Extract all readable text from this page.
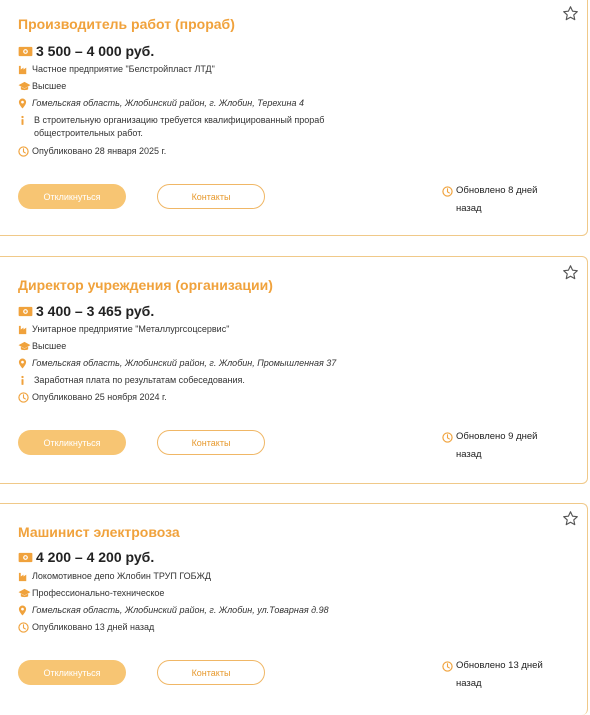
Производитель работ (прораб)
3 500 – 4 000 руб.
Частное предприятие "Белстройпласт ЛТД"
Высшее
Гомельская область, Жлобинский район, г. Жлобин, Терехина 4
В строительную организацию требуется квалифицированный прораб общестроительных работ.
Опубликовано 28 января 2025 г.
Откликнуться	Контакты
Обновлено 8 дней назад
Директор учреждения (организации)
3 400 – 3 465 руб.
Унитарное предприятие "Металлургсоцсервис"
Высшее
Гомельская область, Жлобинский район, г. Жлобин, Промышленная 37
Заработная плата по результатам собеседования.
Опубликовано 25 ноября 2024 г.
Откликнуться	Контакты
Обновлено 9 дней назад
Машинист электровоза
4 200 – 4 200 руб.
Локомотивное депо Жлобин ТРУП ГОБЖД
Профессионально-техническое
Гомельская область, Жлобинский район, г. Жлобин, ул.Товарная д.98
Опубликовано 13 дней назад
Откликнуться	Контакты
Обновлено 13 дней назад
